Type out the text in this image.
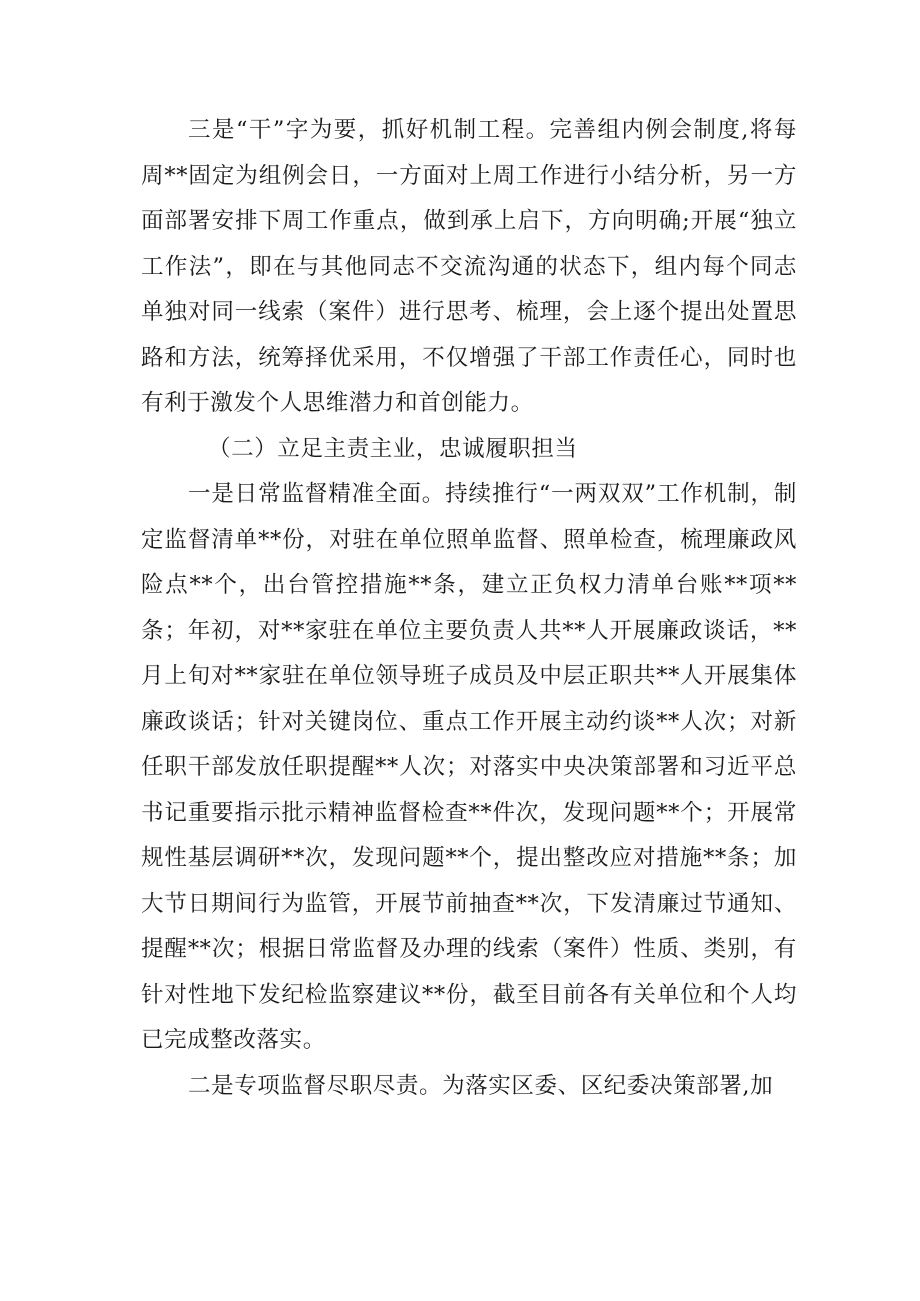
三是“干”字为要，抓好机制工程。完善组内例会制度,将每周**固定为组例会日，一方面对上周工作进行小结分析，另一方面部署安排下周工作重点，做到承上启下，方向明确;开展“独立工作法”，即在与其他同志不交流沟通的状态下，组内每个同志单独对同一线索（案件）进行思考、梳理，会上逐个提出处置思路和方法，统筹择优采用，不仅增强了干部工作责任心，同时也有利于激发个人思维潜力和首创能力。

（二）立足主责主业，忠诚履职担当

一是日常监督精准全面。持续推行“一两双双”工作机制，制定监督清单**份，对驻在单位照单监督、照单检查，梳理廉政风险点**个，出台管控措施**条，建立正负权力清单台账**项**条；年初，对**家驻在单位主要负责人共**人开展廉政谈话，**月上旬对**家驻在单位领导班子成员及中层正职共**人开展集体廉政谈话；针对关键岗位、重点工作开展主动约谈**人次；对新任职干部发放任职提醒**人次；对落实中央决策部署和习近平总书记重要指示批示精神监督检查**件次，发现问题**个；开展常规性基层调研**次，发现问题**个，提出整改应对措施**条；加大节日期间行为监管，开展节前抽查**次，下发清廉过节通知、提醒**次；根据日常监督及办理的线索（案件）性质、类别，有针对性地下发纪检监察建议**份，截至目前各有关单位和个人均已完成整改落实。

二是专项监督尽职尽责。为落实区委、区纪委决策部署,加
